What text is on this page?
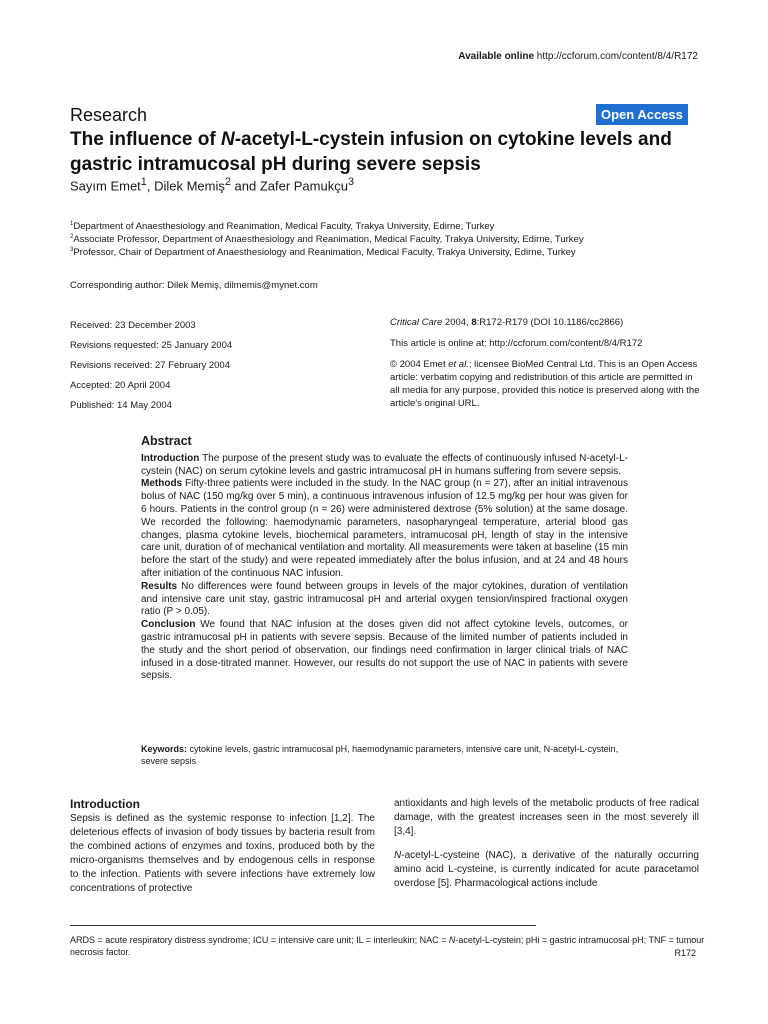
Available online http://ccforum.com/content/8/4/R172
Research	Open Access
The influence of N-acetyl-L-cystein infusion on cytokine levels and gastric intramucosal pH during severe sepsis
Sayım Emet$^1$, Dilek Memiş$^2$ and Zafer Pamukçu$^3$
$^1$Department of Anaesthesiology and Reanimation, Medical Faculty, Trakya University, Edirne, Turkey
$^2$Associate Professor, Department of Anaesthesiology and Reanimation, Medical Faculty, Trakya University, Edirne, Turkey
$^3$Professor, Chair of Department of Anaesthesiology and Reanimation, Medical Faculty, Trakya University, Edirne, Turkey
Corresponding author: Dilek Memiş, dilmemis@mynet.com
Received: 23 December 2003
Revisions requested: 25 January 2004
Revisions received: 27 February 2004
Accepted: 20 April 2004
Published: 14 May 2004

Critical Care 2004, 8:R172-R179 (DOI 10.1186/cc2866)

This article is online at: http://ccforum.com/content/8/4/R172

© 2004 Emet et al.; licensee BioMed Central Ltd. This is an Open Access article: verbatim copying and redistribution of this article are permitted in all media for any purpose, provided this notice is preserved along with the article's original URL.

Abstract

Introduction The purpose of the present study was to evaluate the effects of continuously infused N-acetyl-L-cystein (NAC) on serum cytokine levels and gastric intramucosal pH in humans suffering from severe sepsis.

Methods Fifty-three patients were included in the study. In the NAC group (n = 27), after an initial intravenous bolus of NAC (150 mg/kg over 5 min), a continuous intravenous infusion of 12.5 mg/kg per hour was given for 6 hours. Patients in the control group (n = 26) were administered dextrose (5% solution) at the same dosage. We recorded the following: haemodynamic parameters, nasopharyngeal temperature, arterial blood gas changes, plasma cytokine levels, biochemical parameters, intramucosal pH, length of stay in the intensive care unit, duration of of mechanical ventilation and mortality. All measurements were taken at baseline (15 min before the start of the study) and were repeated immediately after the bolus infusion, and at 24 and 48 hours after initiation of the continuous NAC infusion.

Results No differences were found between groups in levels of the major cytokines, duration of ventilation and intensive care unit stay, gastric intramucosal pH and arterial oxygen tension/inspired fractional oxygen ratio (P > 0.05).

Conclusion We found that NAC infusion at the doses given did not affect cytokine levels, outcomes, or gastric intramucosal pH in patients with severe sepsis. Because of the limited number of patients included in the study and the short period of observation, our findings need confirmation in larger clinical trials of NAC infused in a dose-titrated manner. However, our results do not support the use of NAC in patients with severe sepsis.

Keywords: cytokine levels, gastric intramucosal pH, haemodynamic parameters, intensive care unit, N-acetyl-L-cystein, severe sepsis
Introduction

Sepsis is defined as the systemic response to infection [1,2]. The deleterious effects of invasion of body tissues by bacteria result from the combined actions of enzymes and toxins, produced both by the micro-organisms themselves and by endogenous cells in response to the infection. Patients with severe infections have extremely low concentrations of protective

antioxidants and high levels of the metabolic products of free radical damage, with the greatest increases seen in the most severely ill [3,4].

N-acetyl-L-cysteine (NAC), a derivative of the naturally occurring amino acid L-cysteine, is currently indicated for acute paracetamol overdose [5]. Pharmacological actions include

ARDS = acute respiratory distress syndrome; ICU = intensive care unit; IL = interleukin; NAC = N-acetyl-L-cystein; pHi = gastric intramucosal pH; TNF = tumour necrosis factor.	R172
